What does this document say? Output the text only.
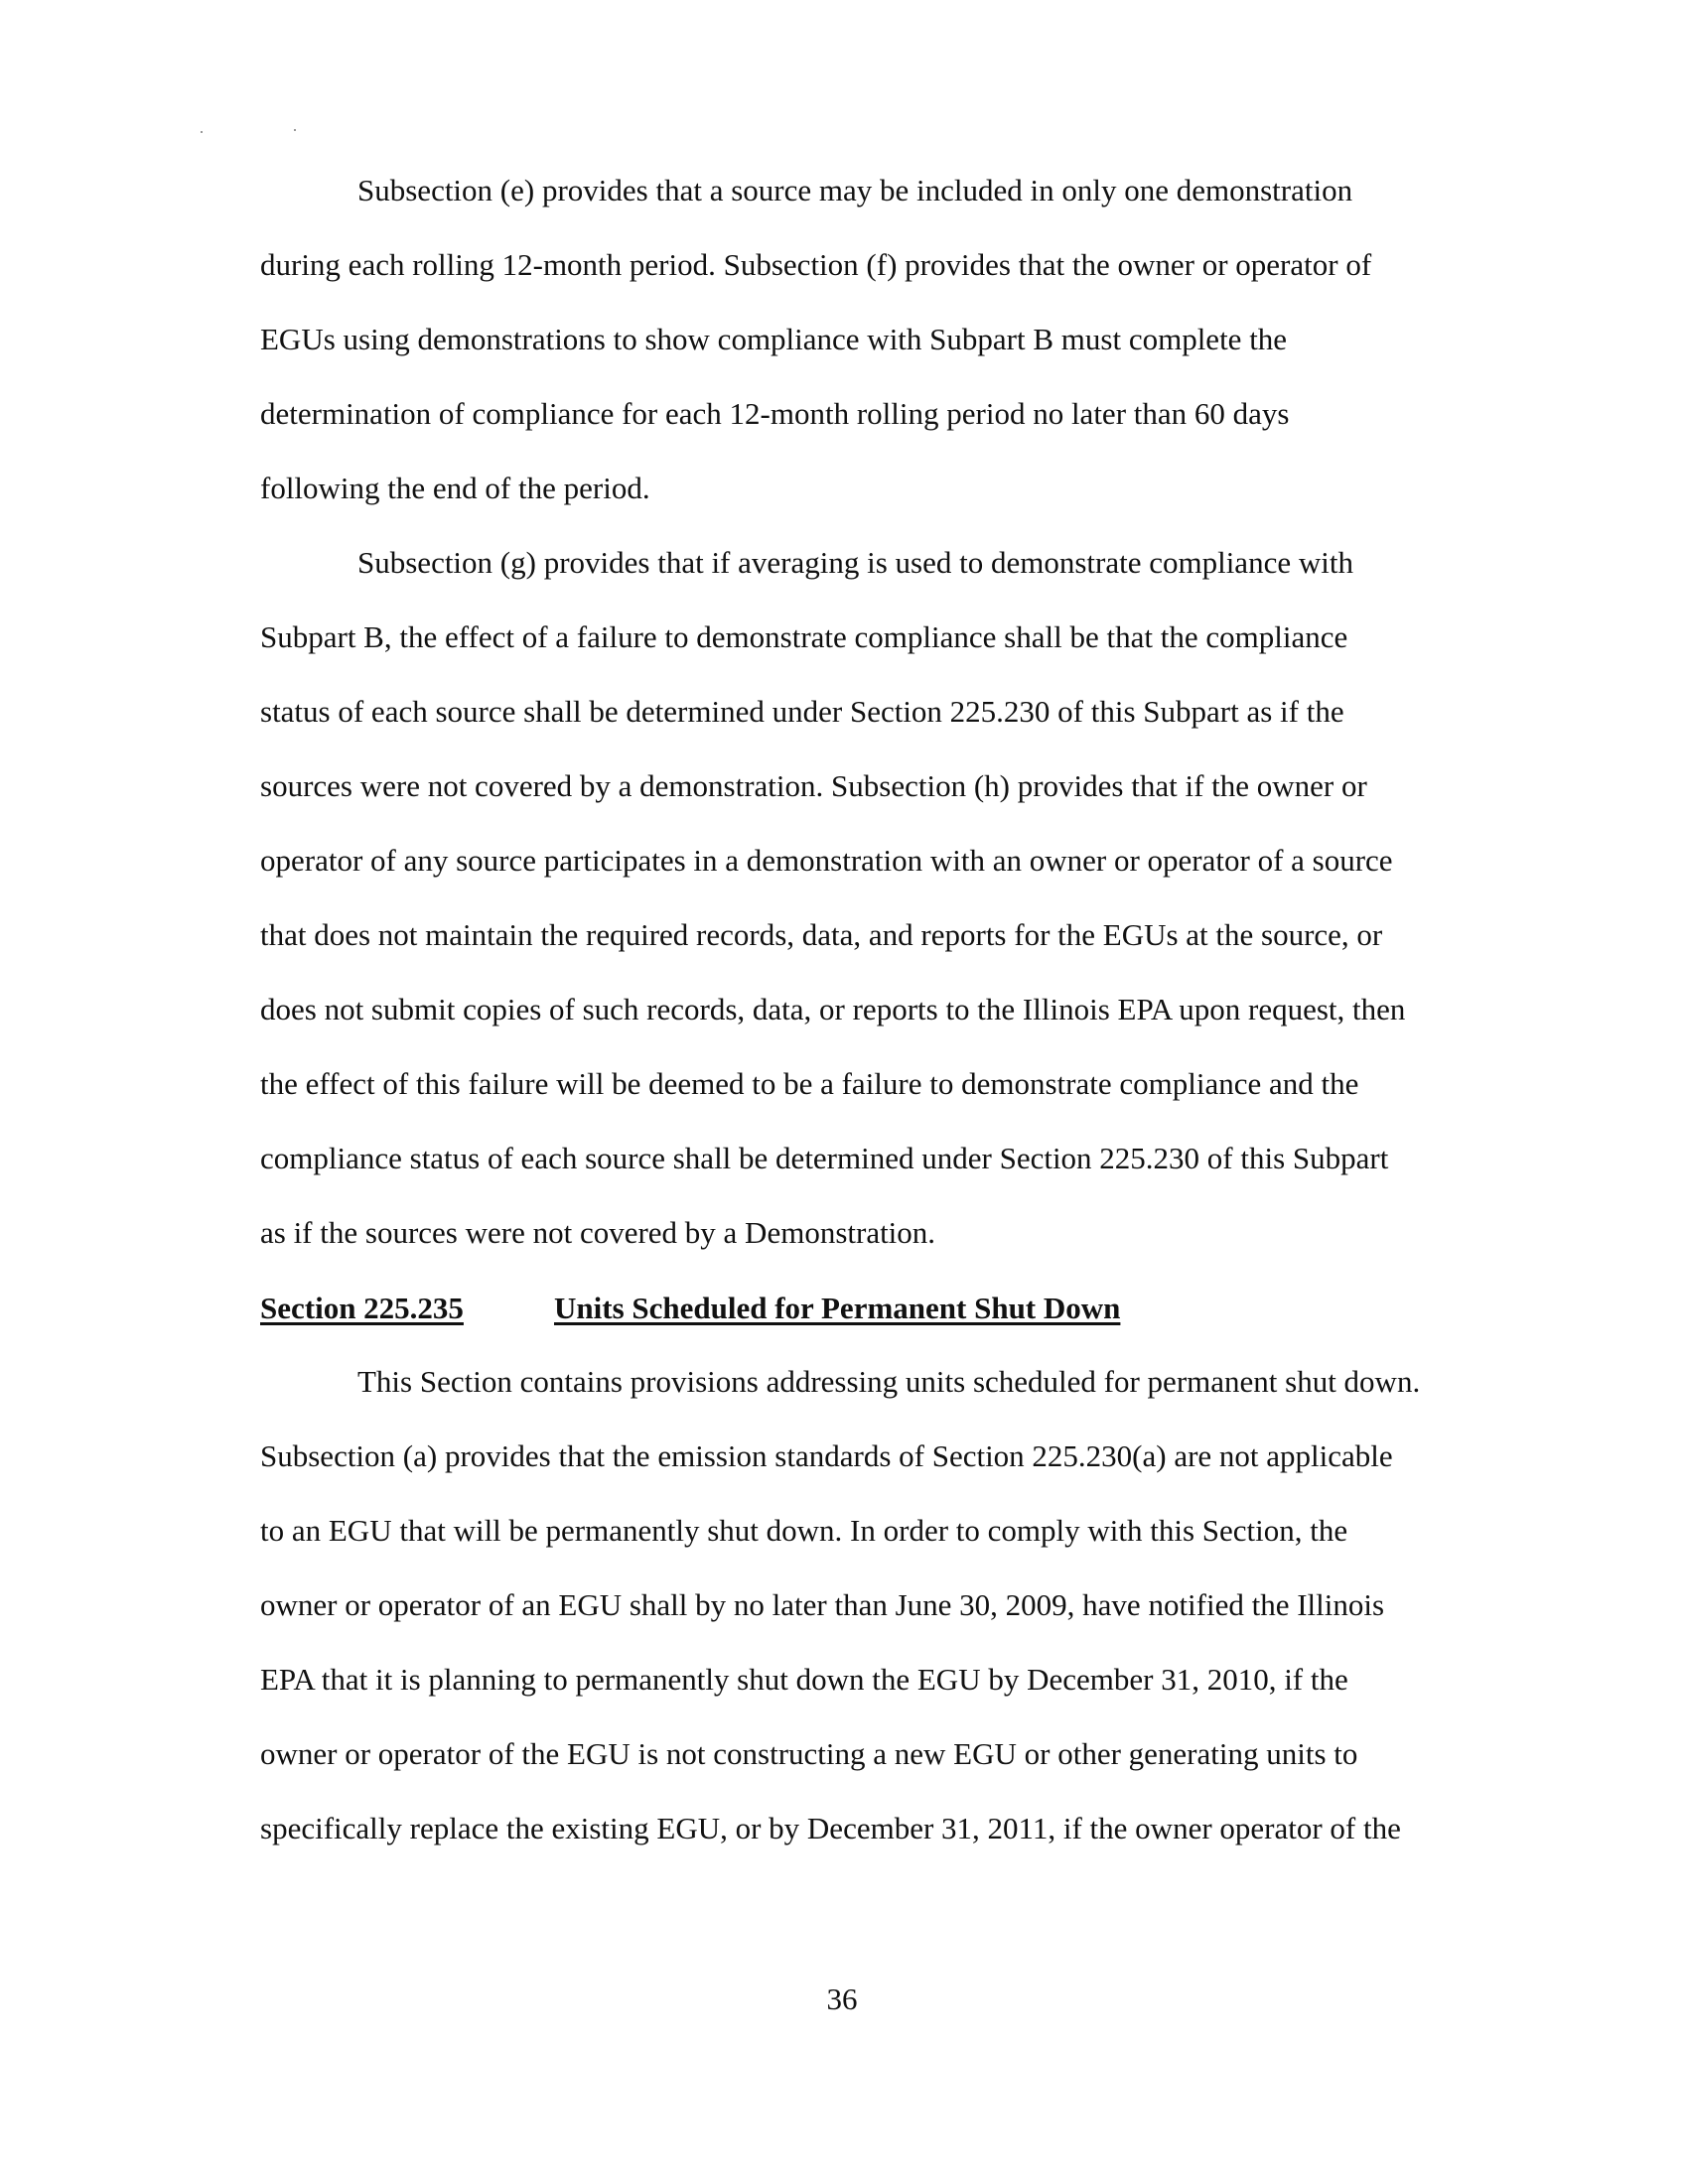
Subsection (e) provides that a source may be included in only one demonstration
during each rolling 12-month period. Subsection (f) provides that the owner or operator of
EGUs using demonstrations to show compliance with Subpart B must complete the
determination of compliance for each 12-month rolling period no later than 60 days
following the end of the period.
Subsection (g) provides that if averaging is used to demonstrate compliance with
Subpart B, the effect of a failure to demonstrate compliance shall be that the compliance
status of each source shall be determined under Section 225.230 of this Subpart as if the
sources were not covered by a demonstration. Subsection (h) provides that if the owner or
operator of any source participates in a demonstration with an owner or operator of a source
that does not maintain the required records, data, and reports for the EGUs at the source, or
does not submit copies of such records, data, or reports to the Illinois EPA upon request, then
the effect of this failure will be deemed to be a failure to demonstrate compliance and the
compliance status of each source shall be determined under Section 225.230 of this Subpart
as if the sources were not covered by a Demonstration.
Section 225.235	Units Scheduled for Permanent Shut Down
This Section contains provisions addressing units scheduled for permanent shut down.
Subsection (a) provides that the emission standards of Section 225.230(a) are not applicable
to an EGU that will be permanently shut down. In order to comply with this Section, the
owner or operator of an EGU shall by no later than June 30, 2009, have notified the Illinois
EPA that it is planning to permanently shut down the EGU by December 31, 2010, if the
owner or operator of the EGU is not constructing a new EGU or other generating units to
specifically replace the existing EGU, or by December 31, 2011, if the owner operator of the
36
